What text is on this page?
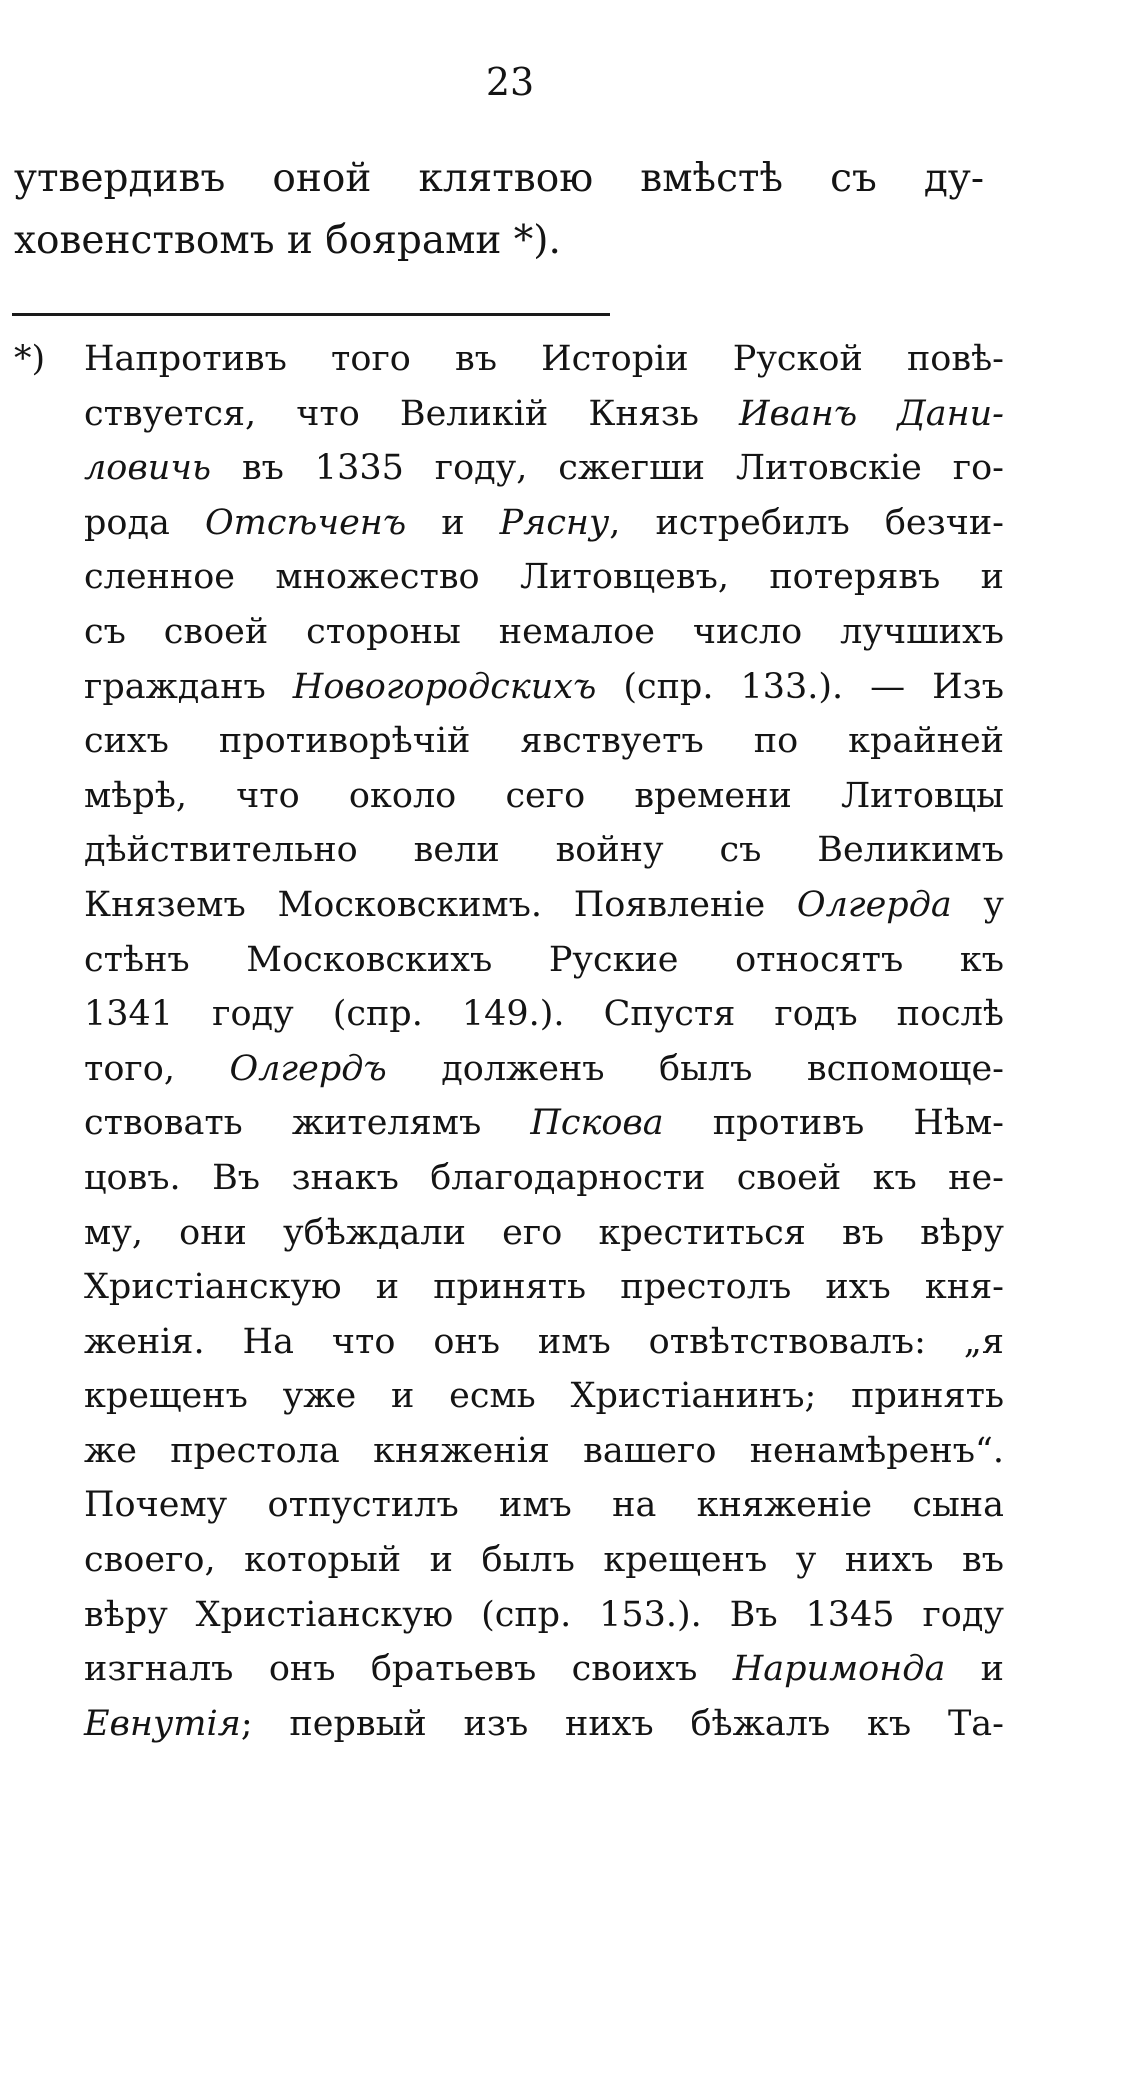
23
утвердивъ оной клятвою вмѣстѣ съ ду-
ховенствомъ и боярами *).
*) Напротивъ того въ Исторіи Руской повѣ-
ствуется, что Великій Князь Иванъ Дани-
ловичь въ 1335 году, сжегши Литовскіе го-
рода Отсѣченъ и Рясну, истребилъ безчи-
сленное множество Литовцевъ, потерявъ и
съ своей стороны немалое число лучшихъ
гражданъ Новогородскихъ (спр. 133.). — Изъ
сихъ противорѣчій явствуетъ по крайней
мѣрѣ, что около сего времени Литовцы
дѣйствительно вели войну съ Великимъ
Княземъ Московскимъ. Появленіе Олгерда у
стѣнъ Московскихъ Руские относятъ къ
1341 году (спр. 149.). Спустя годъ послѣ
того, Олгердъ долженъ былъ вспомоще-
ствовать жителямъ Пскова противъ Нѣм-
цовъ. Въ знакъ благодарности своей къ не-
му, они убѣждали его креститься въ вѣру
Христіанскую и принять престолъ ихъ кня-
женія. На что онъ имъ отвѣтствовалъ: „я
крещенъ уже и есмь Христіанинъ; принять
же престола княженія вашего ненамѣренъ“.
Почему отпустилъ имъ на княженіе сына
своего, который и былъ крещенъ у нихъ въ
вѣру Христіанскую (спр. 153.). Въ 1345 году
изгналъ онъ братьевъ своихъ Наримонда и
Евнутія; первый изъ нихъ бѣжалъ къ Та-
